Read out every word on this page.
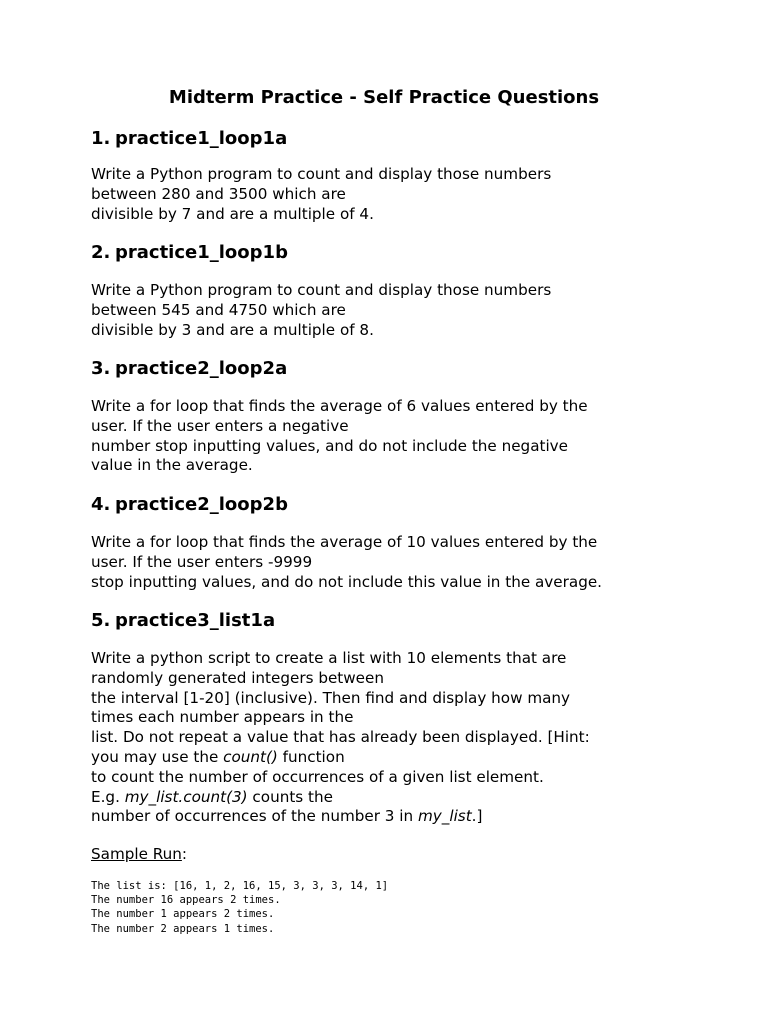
Midterm Practice - Self Practice Questions
1. practice1_loop1a

Write a Python program to count and display those numbers
between 280 and 3500 which are
divisible by 7 and are a multiple of 4.

2. practice1_loop1b

Write a Python program to count and display those numbers
between 545 and 4750 which are
divisible by 3 and are a multiple of 8.

3. practice2_loop2a

Write a for loop that finds the average of 6 values entered by the
user. If the user enters a negative
number stop inputting values, and do not include the negative
value in the average.

4. practice2_loop2b

Write a for loop that finds the average of 10 values entered by the
user. If the user enters -9999
stop inputting values, and do not include this value in the average.

5. practice3_list1a

Write a python script to create a list with 10 elements that are
randomly generated integers between
the interval [1-20] (inclusive). Then find and display how many
times each number appears in the
list. Do not repeat a value that has already been displayed. [Hint:
you may use the count() function
to count the number of occurrences of a given list element.
E.g. my_list.count(3) counts the
number of occurrences of the number 3 in my_list.]

Sample Run:

The list is: [16, 1, 2, 16, 15, 3, 3, 3, 14, 1]
The number 16 appears 2 times.
The number 1 appears 2 times.
The number 2 appears 1 times.
